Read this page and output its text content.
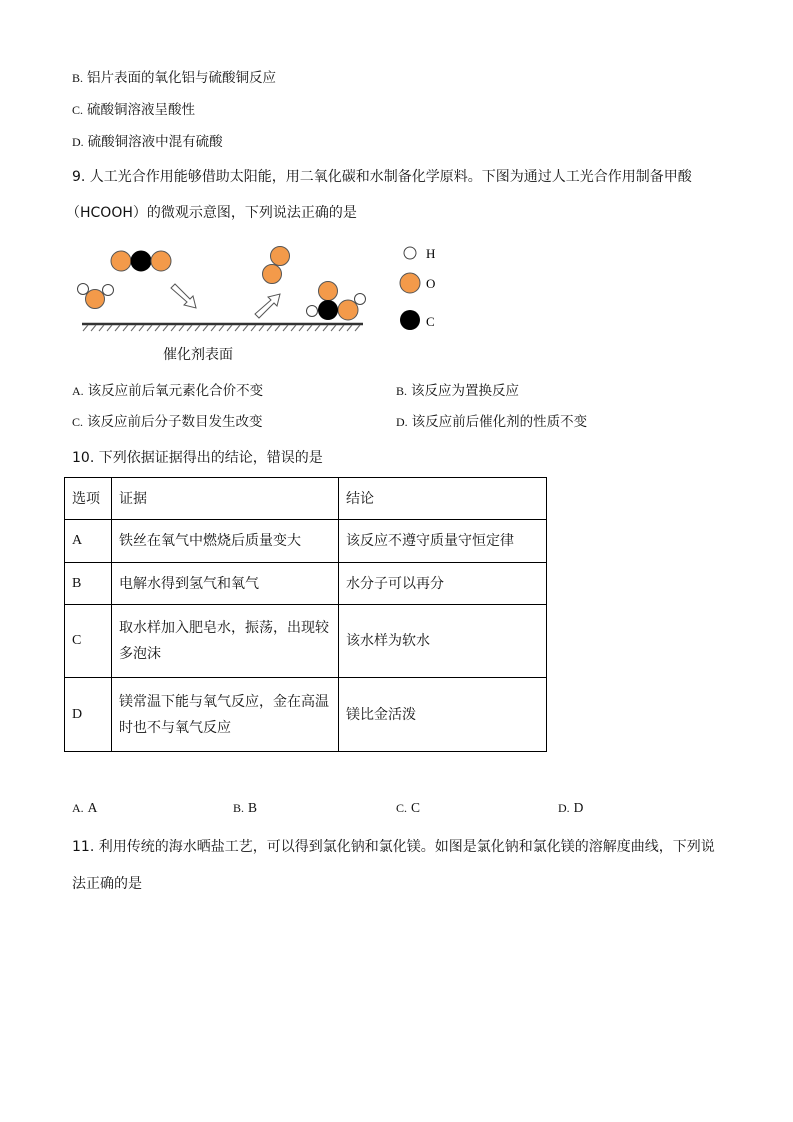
B. 铝片表面的氧化铝与硫酸铜反应
C. 硫酸铜溶液呈酸性
D. 硫酸铜溶液中混有硫酸
9. 人工光合作用能够借助太阳能，用二氧化碳和水制备化学原料。下图为通过人工光合作用制备甲酸
（HCOOH）的微观示意图，下列说法正确的是
H
O
C
催化剂表面
A. 该反应前后氧元素化合价不变	B. 该反应为置换反应
C. 该反应前后分子数目发生改变	D. 该反应前后催化剂的性质不变
10. 下列依据证据得出的结论，错误的是
选项	证据	结论
A	铁丝在氧气中燃烧后质量变大	该反应不遵守质量守恒定律
B	电解水得到氢气和氧气	水分子可以再分
C	取水样加入肥皂水，振荡，出现较多泡沫	该水样为软水
D	镁常温下能与氧气反应，金在高温时也不与氧气反应	镁比金活泼
A. A	B. B	C. C	D. D
11. 利用传统的海水晒盐工艺，可以得到氯化钠和氯化镁。如图是氯化钠和氯化镁的溶解度曲线，下列说
法正确的是
